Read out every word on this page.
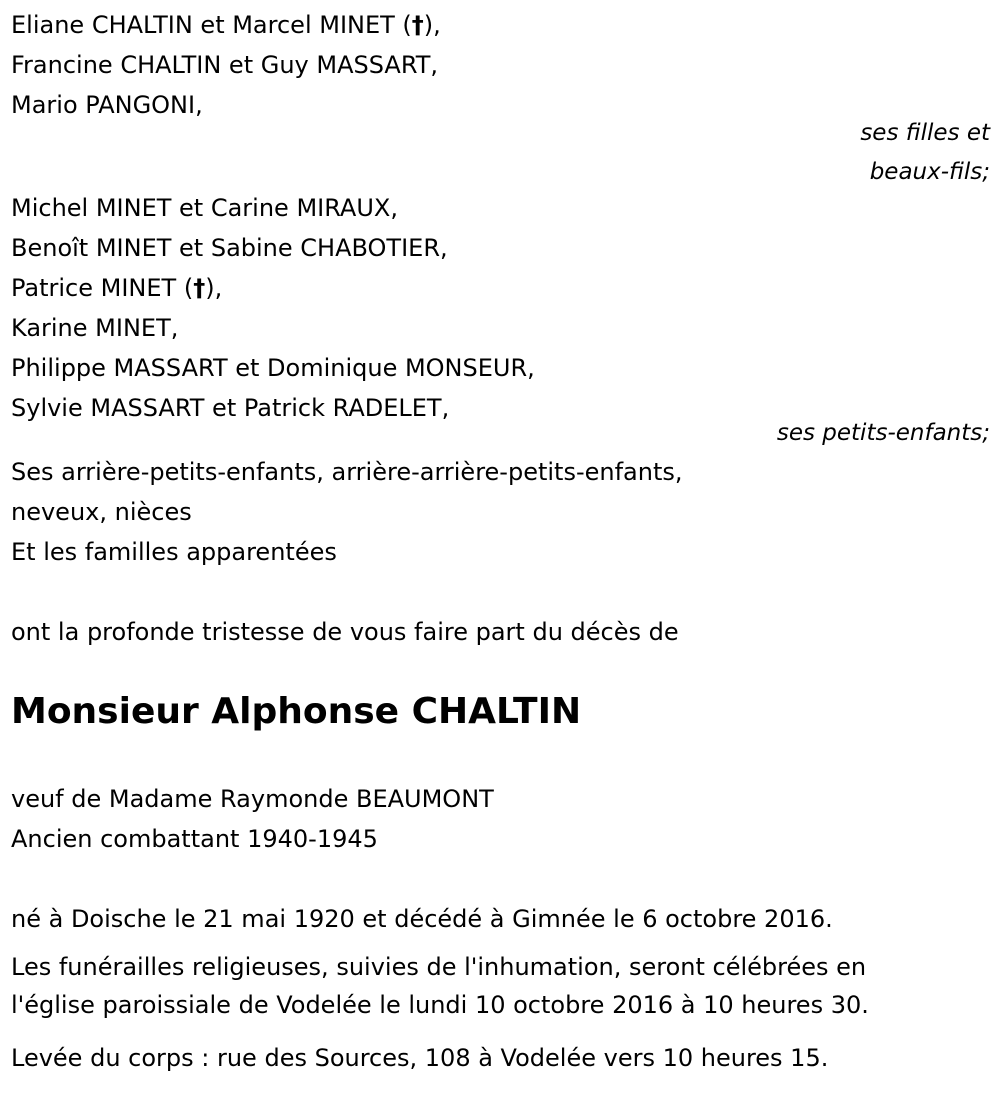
Eliane CHALTIN et Marcel MINET (†),
Francine CHALTIN et Guy MASSART,
Mario PANGONI,
ses filles et
beaux-fils;
Michel MINET et Carine MIRAUX,
Benoît MINET et Sabine CHABOTIER,
Patrice MINET (†),
Karine MINET,
Philippe MASSART et Dominique MONSEUR,
Sylvie MASSART et Patrick RADELET,
ses petits-enfants;
Ses arrière-petits-enfants, arrière-arrière-petits-enfants,
neveux, nièces
Et les familles apparentées
ont la profonde tristesse de vous faire part du décès de
Monsieur Alphonse CHALTIN
veuf de Madame Raymonde BEAUMONT
Ancien combattant 1940-1945
né à Doische le 21 mai 1920 et décédé à Gimnée le 6 octobre 2016.
Les funérailles religieuses, suivies de l'inhumation, seront célébrées en
l'église paroissiale de Vodelée le lundi 10 octobre 2016 à 10 heures 30.
Levée du corps : rue des Sources, 108 à Vodelée vers 10 heures 15.
